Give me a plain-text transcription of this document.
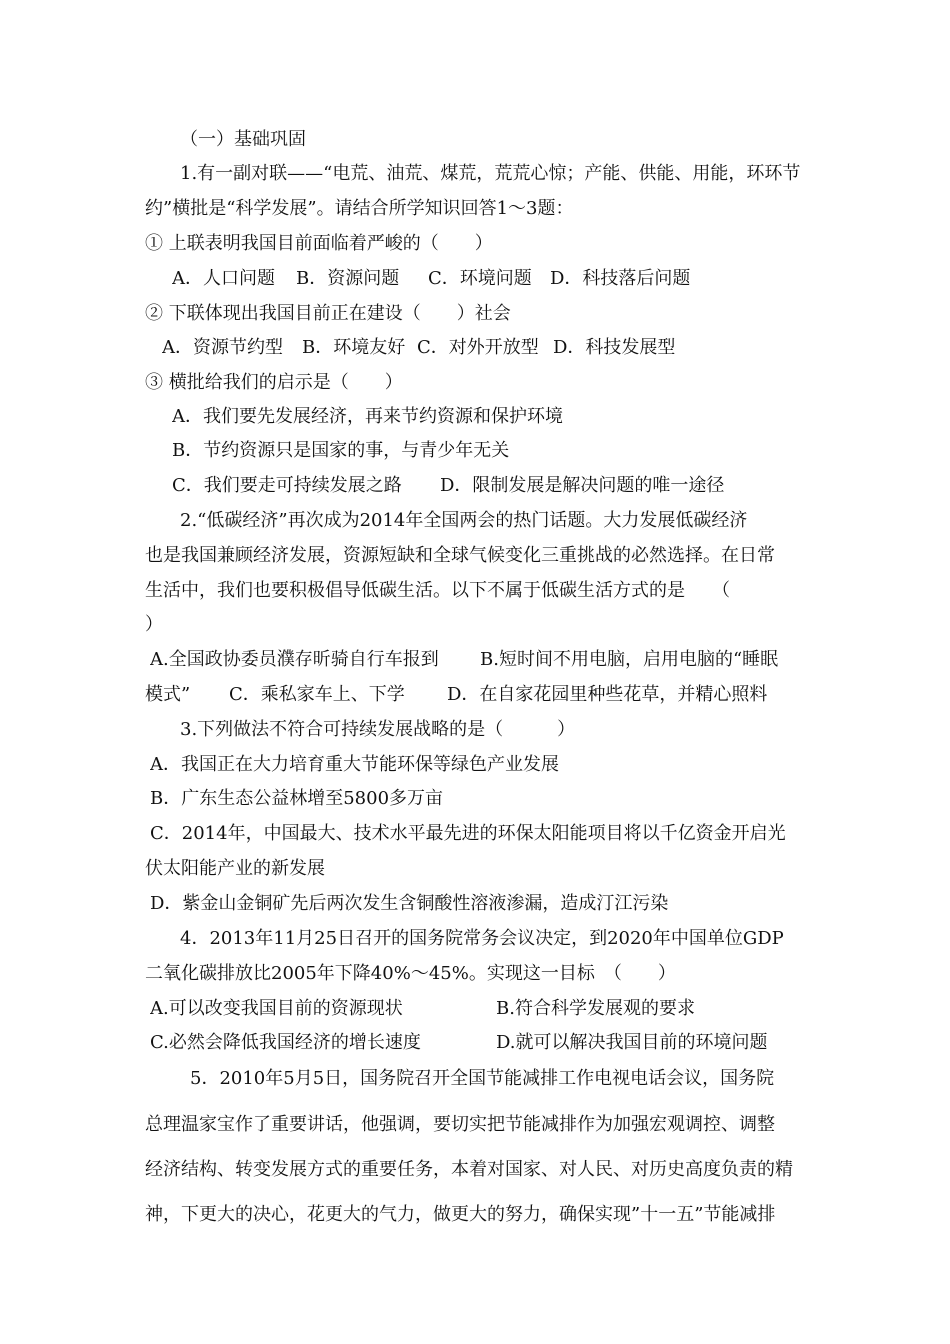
（一）基础巩固
1.有一副对联——“电荒、油荒、煤荒，荒荒心惊；产能、供能、用能，环环节
约”横批是“科学发展”。请结合所学知识回答1～3题：
① 上联表明我国目前面临着严峻的（　　）
A．人口问题	B．资源问题	C．环境问题	D．科技落后问题
② 下联体现出我国目前正在建设（　　）社会
A．资源节约型	B．环境友好 C．对外开放型 D．科技发展型
③ 横批给我们的启示是（　　）
A．我们要先发展经济，再来节约资源和保护环境
B．节约资源只是国家的事，与青少年无关
C．我们要走可持续发展之路	D．限制发展是解决问题的唯一途径
2.“低碳经济”再次成为2014年全国两会的热门话题。大力发展低碳经济
也是我国兼顾经济发展，资源短缺和全球气候变化三重挑战的必然选择。在日常
生活中，我们也要积极倡导低碳生活。以下不属于低碳生活方式的是　　（
）
A.全国政协委员濮存昕骑自行车报到	B.短时间不用电脑，启用电脑的“睡眠
模式”	C．乘私家车上、下学	D．在自家花园里种些花草，并精心照料
3.下列做法不符合可持续发展战略的是（　　　）
A．我国正在大力培育重大节能环保等绿色产业发展
B．广东生态公益林增至5800多万亩
C．2014年，中国最大、技术水平最先进的环保太阳能项目将以千亿资金开启光
伏太阳能产业的新发展
D．紫金山金铜矿先后两次发生含铜酸性溶液渗漏，造成汀江污染
4．2013年11月25日召开的国务院常务会议决定，到2020年中国单位GDP
二氧化碳排放比2005年下降40%～45%。实现这一目标　（　　）
A.可以改变我国目前的资源现状	B.符合科学发展观的要求
C.必然会降低我国经济的增长速度	D.就可以解决我国目前的环境问题
5．2010年5月5日，国务院召开全国节能减排工作电视电话会议，国务院
总理温家宝作了重要讲话，他强调，要切实把节能减排作为加强宏观调控、调整
经济结构、转变发展方式的重要任务，本着对国家、对人民、对历史高度负责的精
神，下更大的决心，花更大的气力，做更大的努力，确保实现”十一五”节能减排
